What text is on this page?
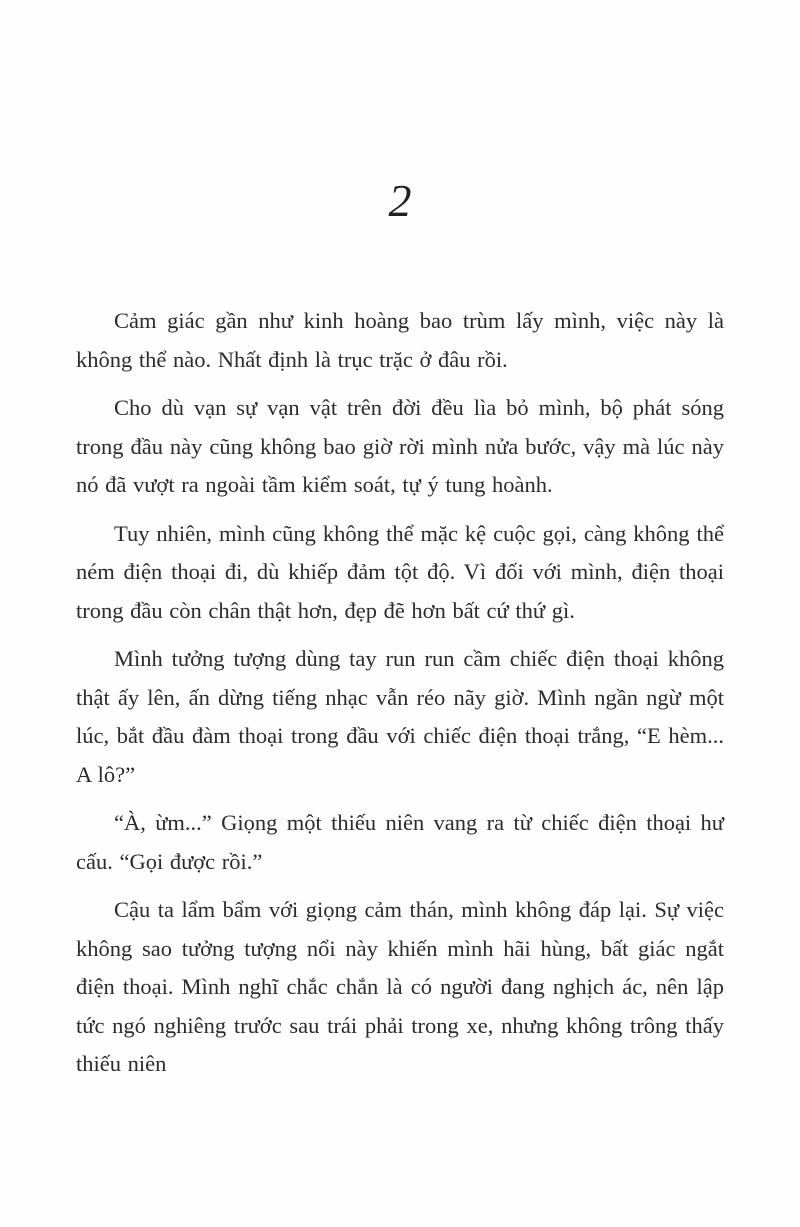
2

Cảm giác gần như kinh hoàng bao trùm lấy mình, việc này là không thể nào. Nhất định là trục trặc ở đâu rồi.

Cho dù vạn sự vạn vật trên đời đều lìa bỏ mình, bộ phát sóng trong đầu này cũng không bao giờ rời mình nửa bước, vậy mà lúc này nó đã vượt ra ngoài tầm kiểm soát, tự ý tung hoành.

Tuy nhiên, mình cũng không thể mặc kệ cuộc gọi, càng không thể ném điện thoại đi, dù khiếp đảm tột độ. Vì đối với mình, điện thoại trong đầu còn chân thật hơn, đẹp đẽ hơn bất cứ thứ gì.

Mình tưởng tượng dùng tay run run cầm chiếc điện thoại không thật ấy lên, ấn dừng tiếng nhạc vẫn réo nãy giờ. Mình ngần ngừ một lúc, bắt đầu đàm thoại trong đầu với chiếc điện thoại trắng, “E hèm... A lô?”

“À, ừm...” Giọng một thiếu niên vang ra từ chiếc điện thoại hư cấu. “Gọi được rồi.”

Cậu ta lẩm bẩm với giọng cảm thán, mình không đáp lại. Sự việc không sao tưởng tượng nổi này khiến mình hãi hùng, bất giác ngắt điện thoại. Mình nghĩ chắc chắn là có người đang nghịch ác, nên lập tức ngó nghiêng trước sau trái phải trong xe, nhưng không trông thấy thiếu niên
